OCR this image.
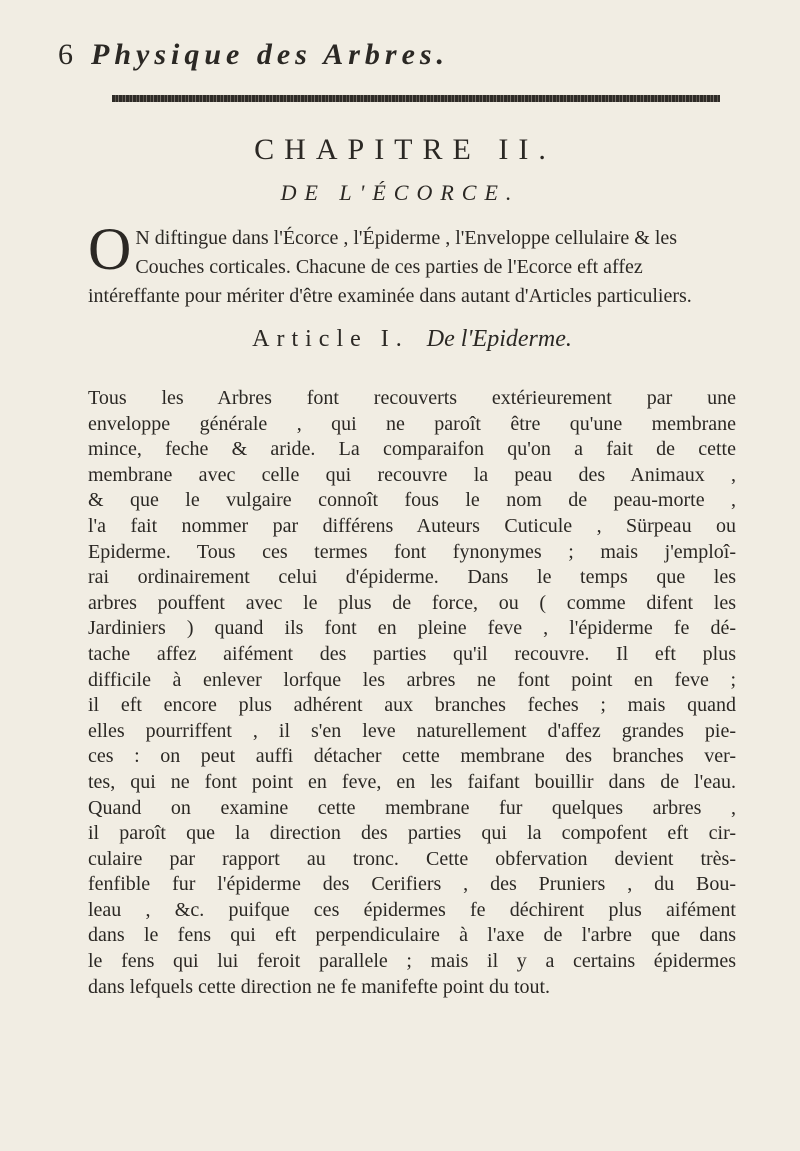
6 Physique des Arbres.
CHAPITRE II.
DE L'ÉCORCE.
O N diftingue dans l'Écorce , l'Épiderme , l'Enveloppe cellulaire & les Couches corticales. Chacune de ces parties de l'Ecorce eft affez intéreffante pour mériter d'être examinée dans autant d'Articles particuliers.
Article I. De l'Epiderme.
Tous les Arbres font recouverts extérieurement par une
enveloppe générale , qui ne paroît être qu'une membrane
mince, feche & aride. La comparaifon qu'on a fait de cette
membrane avec celle qui recouvre la peau des Animaux ,
& que le vulgaire connoît fous le nom de peau-morte ,
l'a fait nommer par différens Auteurs Cuticule , Sürpeau ou
Epiderme. Tous ces termes font fynonymes ; mais j'emploî-
rai ordinairement celui d'épiderme. Dans le temps que les
arbres pouffent avec le plus de force, ou ( comme difent les
Jardiniers ) quand ils font en pleine feve , l'épiderme fe dé-
tache affez aifément des parties qu'il recouvre. Il eft plus
difficile à enlever lorfque les arbres ne font point en feve ;
il eft encore plus adhérent aux branches feches ; mais quand
elles pourriffent , il s'en leve naturellement d'affez grandes pie-
ces : on peut auffi détacher cette membrane des branches ver-
tes, qui ne font point en feve, en les faifant bouillir dans de l'eau.
Quand on examine cette membrane fur quelques arbres ,
il paroît que la direction des parties qui la compofent eft cir-
culaire par rapport au tronc. Cette obfervation devient très-
fenfible fur l'épiderme des Cerifiers , des Pruniers , du Bou-
leau , &c. puifque ces épidermes fe déchirent plus aifément
dans le fens qui eft perpendiculaire à l'axe de l'arbre que dans
le fens qui lui feroit parallele ; mais il y a certains épidermes
dans lefquels cette direction ne fe manifefte point du tout.
